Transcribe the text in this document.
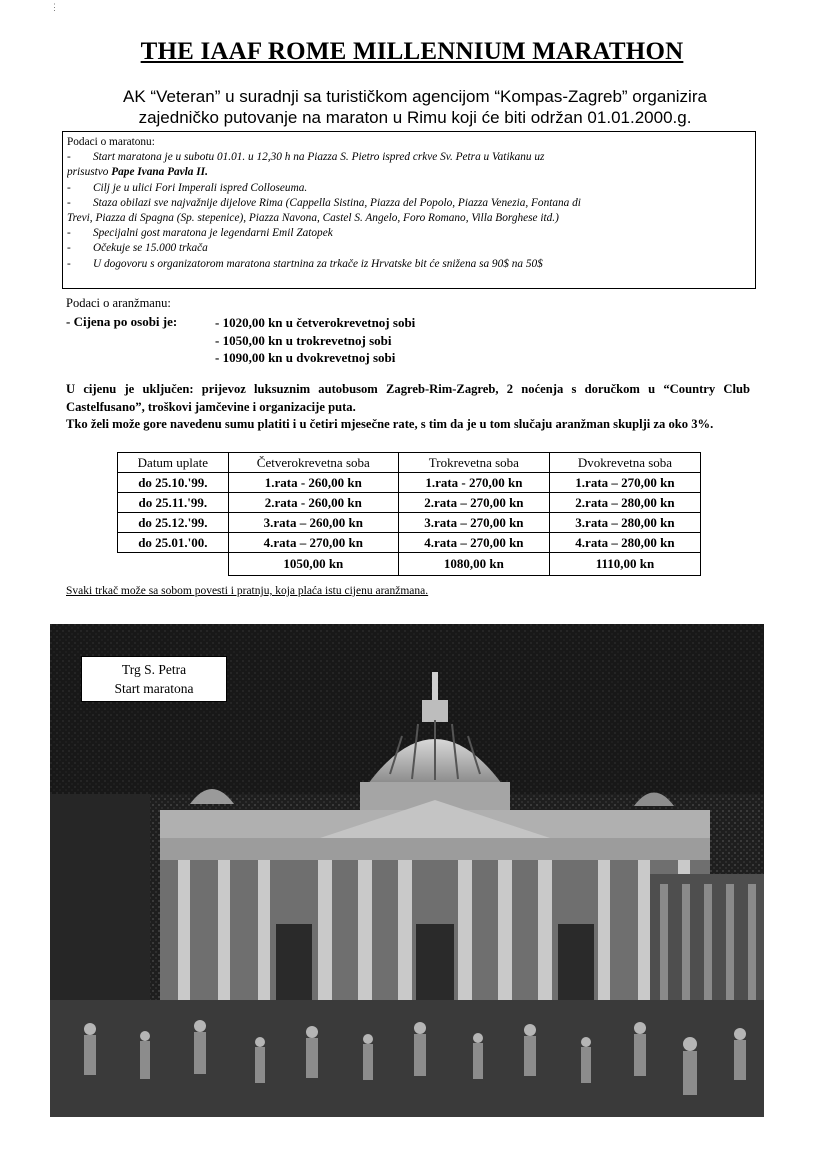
⋮
THE IAAF ROME MILLENNIUM MARATHON
AK “Veteran” u suradnji sa turističkom agencijom “Kompas-Zagreb” organizira
zajedničko putovanje na maraton u Rimu koji će biti održan 01.01.2000.g.
Podaci o maratonu:
- Start maratona je u subotu 01.01. u 12,30 h na Piazza S. Pietro ispred crkve Sv. Petra u Vatikanu uz
prisustvo Pape Ivana Pavla II.
- Cilj je u ulici Fori Imperali ispred Colloseuma.
- Staza obilazi sve najvažnije dijelove Rima (Cappella Sistina, Piazza del Popolo, Piazza Venezia, Fontana di
Trevi, Piazza di Spagna (Sp. stepenice), Piazza Navona, Castel S. Angelo, Foro Romano, Villa Borghese itd.)
- Specijalni gost maratona je legendarni Emil Zatopek
- Očekuje se 15.000 trkača
- U dogovoru s organizatorom maratona startnina za trkače iz Hrvatske bit će snižena sa 90$ na 50$
Podaci o aranžmanu:
- Cijena po osobi je:	- 1020,00 kn u četverokrevetnoj sobi
- 1050,00 kn u trokrevetnoj sobi
- 1090,00 kn u dvokrevetnoj sobi
U cijenu je uključen: prijevoz luksuznim autobusom Zagreb-Rim-Zagreb, 2 noćenja s doručkom u “Country Club Castelfusano”, troškovi jamčevine i organizacije puta.
Tko želi može gore navedenu sumu platiti i u četiri mjesečne rate, s tim da je u tom slučaju aranžman skuplji za oko 3%.
Datum uplate	Četverokrevetna soba	Trokrevetna soba	Dvokrevetna soba
do 25.10.'99.	1.rata - 260,00 kn	1.rata - 270,00 kn	1.rata – 270,00 kn
do 25.11.'99.	2.rata - 260,00 kn	2.rata – 270,00 kn	2.rata – 280,00 kn
do 25.12.'99.	3.rata – 260,00 kn	3.rata – 270,00 kn	3.rata – 280,00 kn
do 25.01.'00.	4.rata – 270,00 kn	4.rata – 270,00 kn	4.rata – 280,00 kn
	1050,00 kn	1080,00 kn	1110,00 kn
Svaki trkač može sa sobom povesti i pratnju, koja plaća istu cijenu aranžmana.
Trg S. Petra
Start maratona
